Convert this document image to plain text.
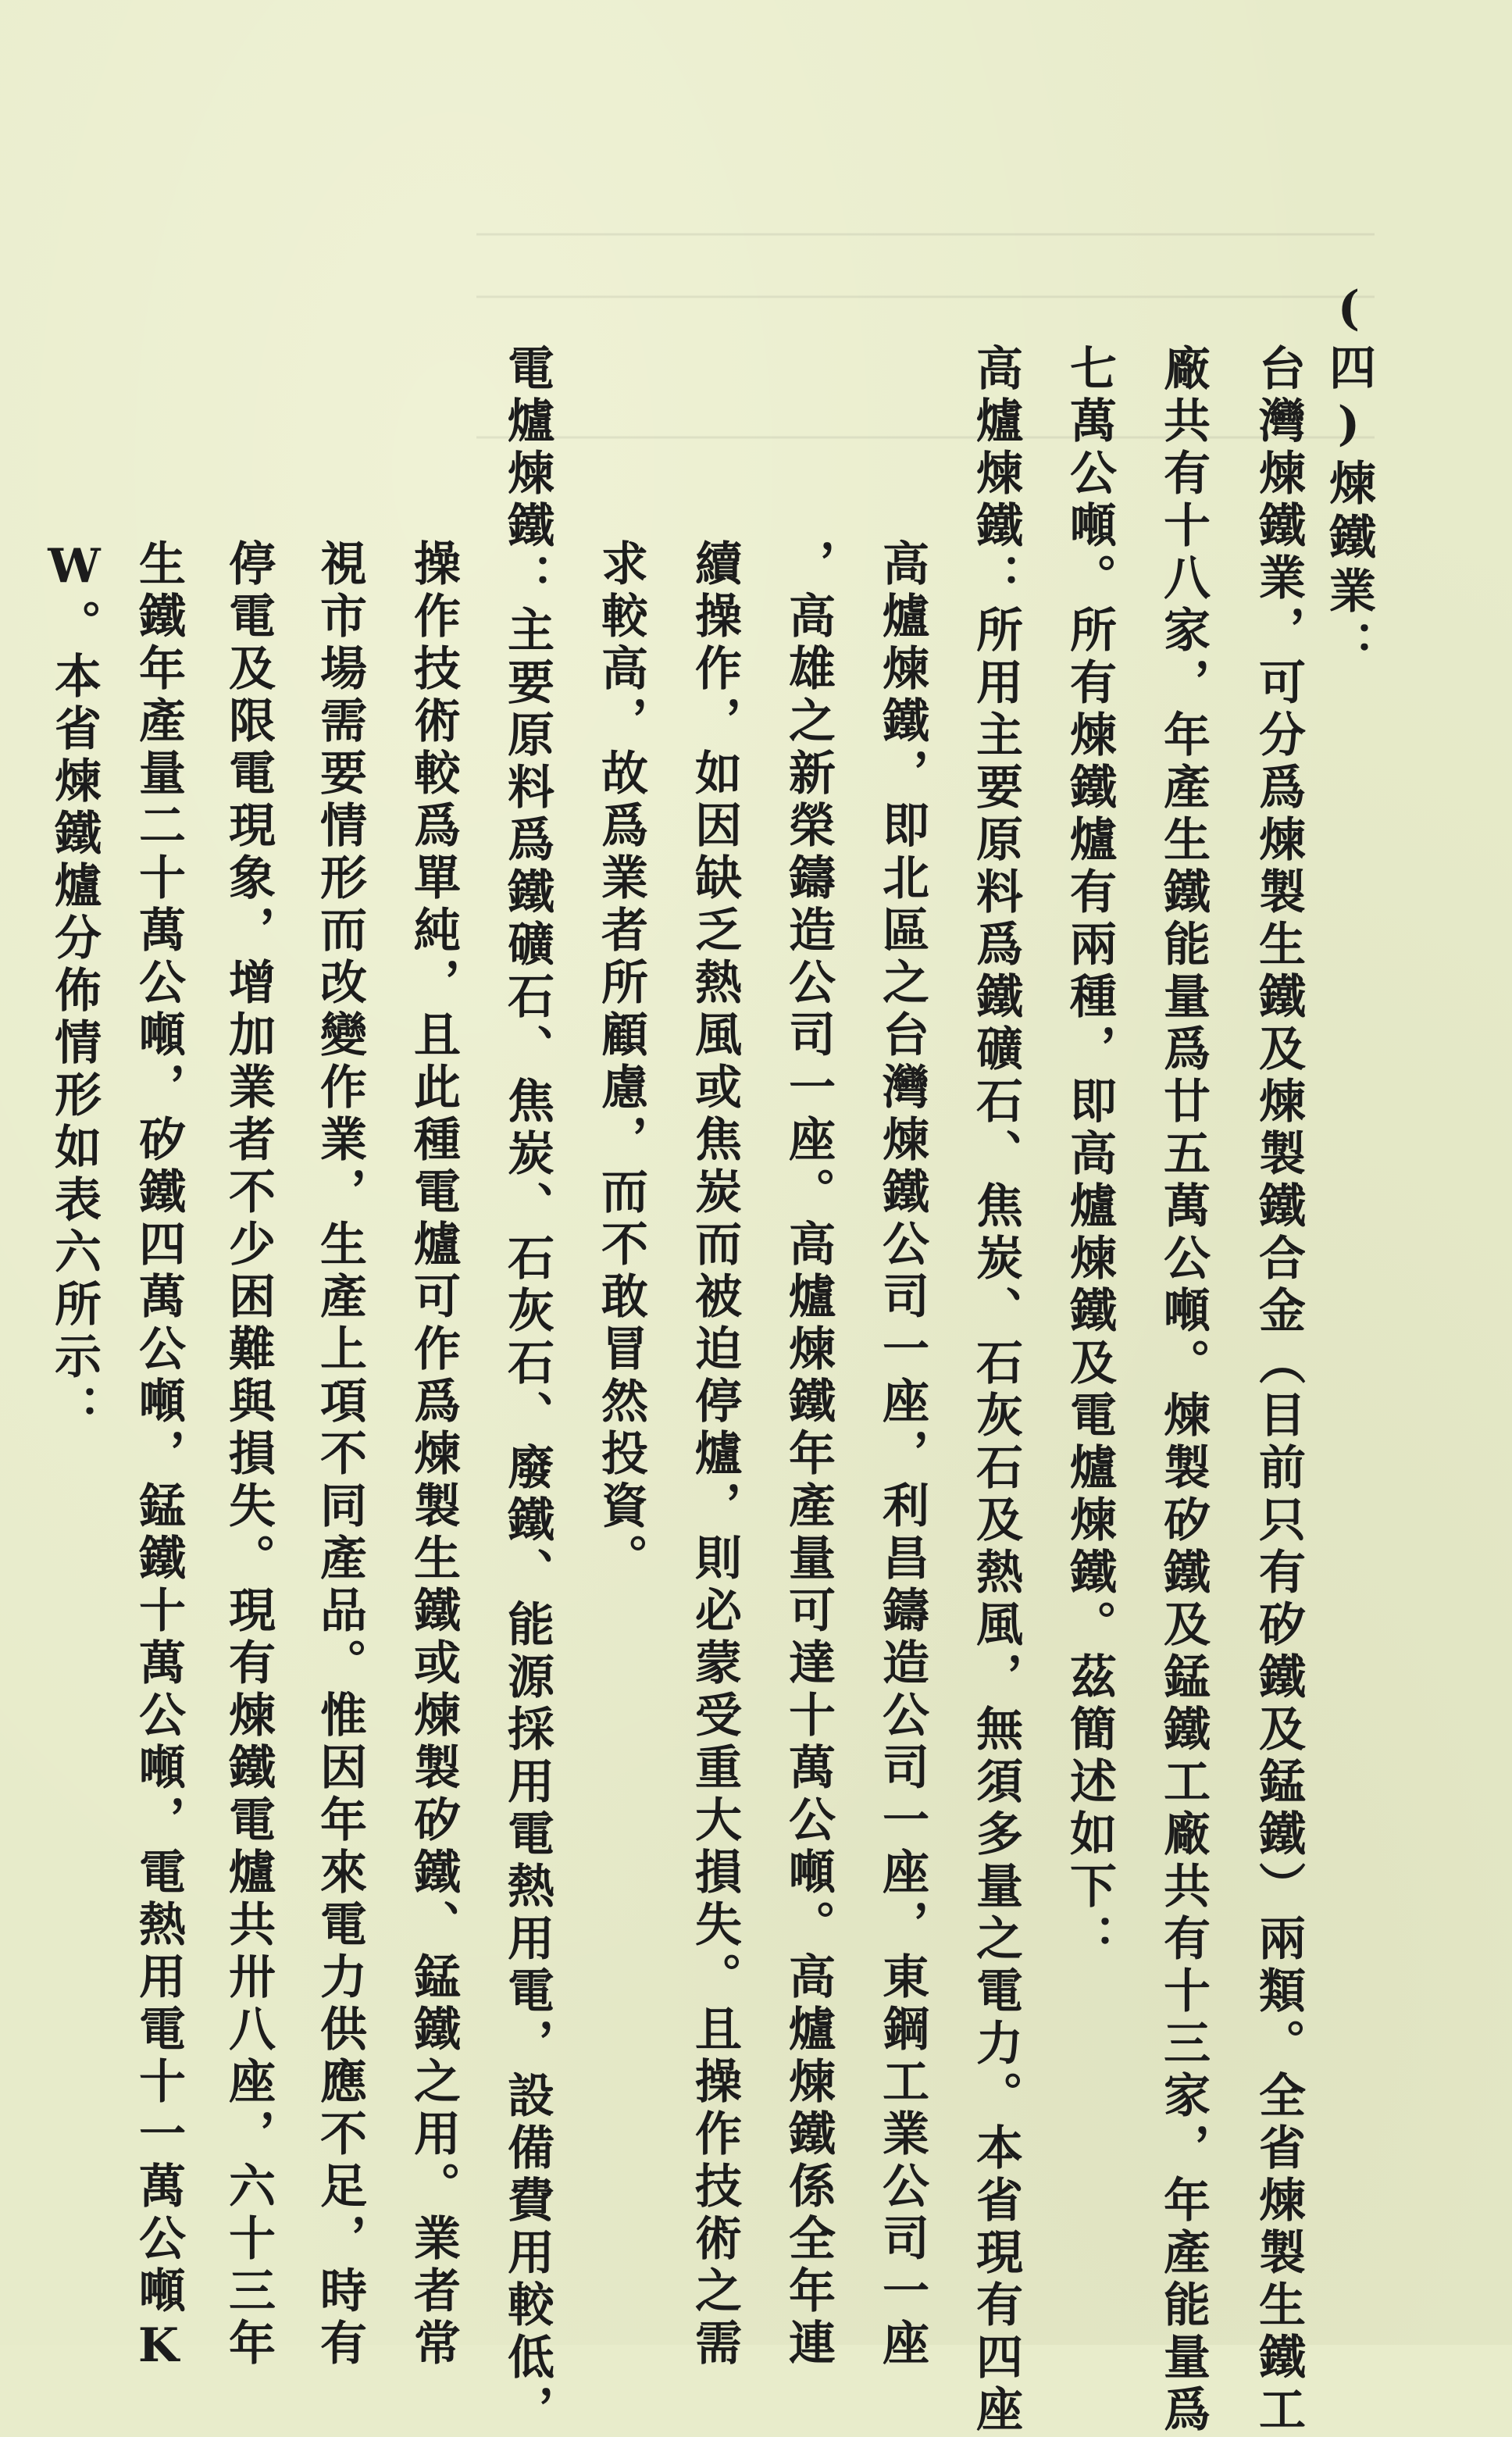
(四)煉鐵業：
台灣煉鐵業，可分爲煉製生鐵及煉製鐵合金（目前只有矽鐵及錳鐵）兩類。全省煉製生鐵工
廠共有十八家，年產生鐵能量爲廿五萬公噸。煉製矽鐵及錳鐵工廠共有十三家，年產能量爲
七萬公噸。所有煉鐵爐有兩種，即高爐煉鐵及電爐煉鐵。茲簡述如下：
高爐煉鐵：所用主要原料爲鐵礦石、焦炭、石灰石及熱風，無須多量之電力。本省現有四座
高爐煉鐵，即北區之台灣煉鐵公司一座，利昌鑄造公司一座，東鋼工業公司一座
，高雄之新榮鑄造公司一座。高爐煉鐵年產量可達十萬公噸。高爐煉鐵係全年連
續操作，如因缺乏熱風或焦炭而被迫停爐，則必蒙受重大損失。且操作技術之需
求較高，故爲業者所顧慮，而不敢冒然投資。
電爐煉鐵：主要原料爲鐵礦石、焦炭、石灰石、廢鐵、能源採用電熱用電，設備費用較低，
操作技術較爲單純，且此種電爐可作爲煉製生鐵或煉製矽鐵、錳鐵之用。業者常
視市場需要情形而改變作業，生產上項不同產品。惟因年來電力供應不足，時有
停電及限電現象，增加業者不少困難與損失。現有煉鐵電爐共卅八座，六十三年
生鐵年產量二十萬公噸，矽鐵四萬公噸，錳鐵十萬公噸，電熱用電十一萬公噸K
W。本省煉鐵爐分佈情形如表六所示：
